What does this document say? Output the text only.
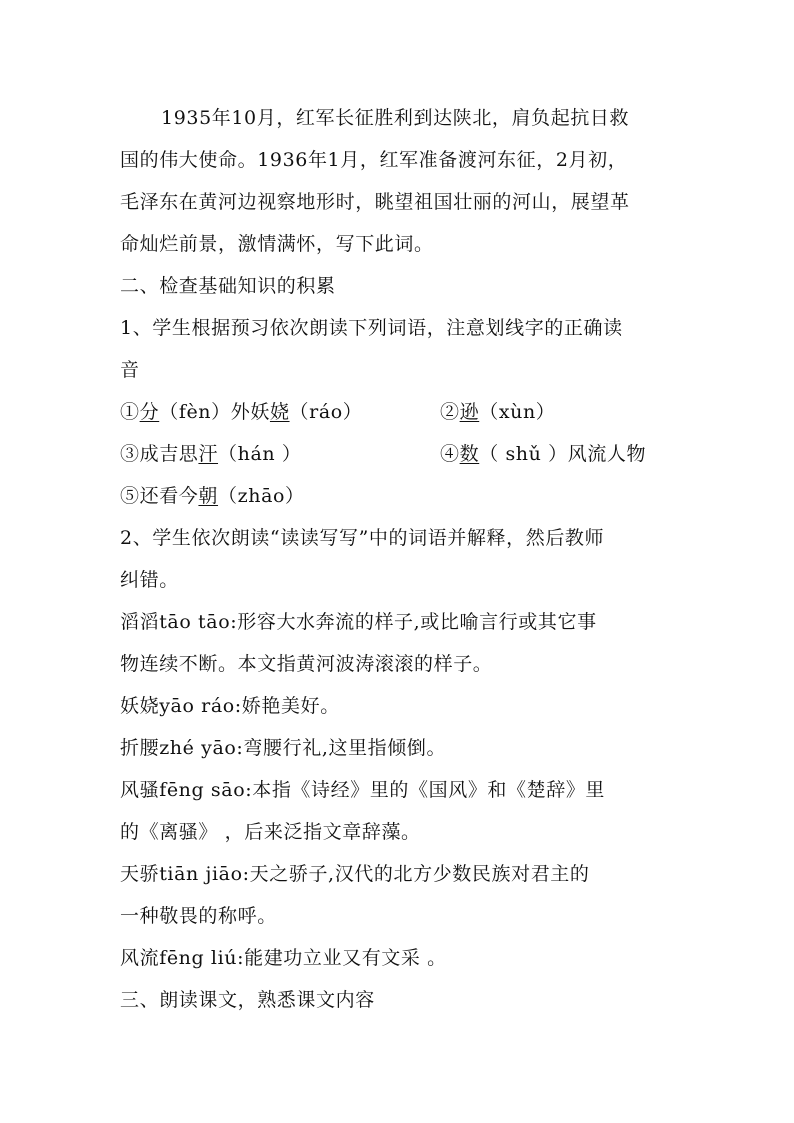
1935年10月，红军长征胜利到达陕北，肩负起抗日救
国的伟大使命。1936年1月，红军准备渡河东征，2月初，
毛泽东在黄河边视察地形时，眺望祖国壮丽的河山，展望革
命灿烂前景，激情满怀，写下此词。
二、检查基础知识的积累
1、学生根据预习依次朗读下列词语，注意划线字的正确读
音
①分（fèn）外妖娆（ráo）	②逊（xùn）
③成吉思汗（hán ）	④数（ shǔ ）风流人物
⑤还看今朝（zhāo）
2、学生依次朗读“读读写写”中的词语并解释，然后教师
纠错。
滔滔tāo tāo:形容大水奔流的样子,或比喻言行或其它事
物连续不断。本文指黄河波涛滚滚的样子。
妖娆yāo ráo:娇艳美好。
折腰zhé yāo:弯腰行礼,这里指倾倒。
风骚fēng sāo:本指《诗经》里的《国风》和《楚辞》里
的《离骚》 ，后来泛指文章辞藻。
天骄tiān jiāo:天之骄子,汉代的北方少数民族对君主的
一种敬畏的称呼。
风流fēng liú:能建功立业又有文采 。
三、朗读课文，熟悉课文内容
